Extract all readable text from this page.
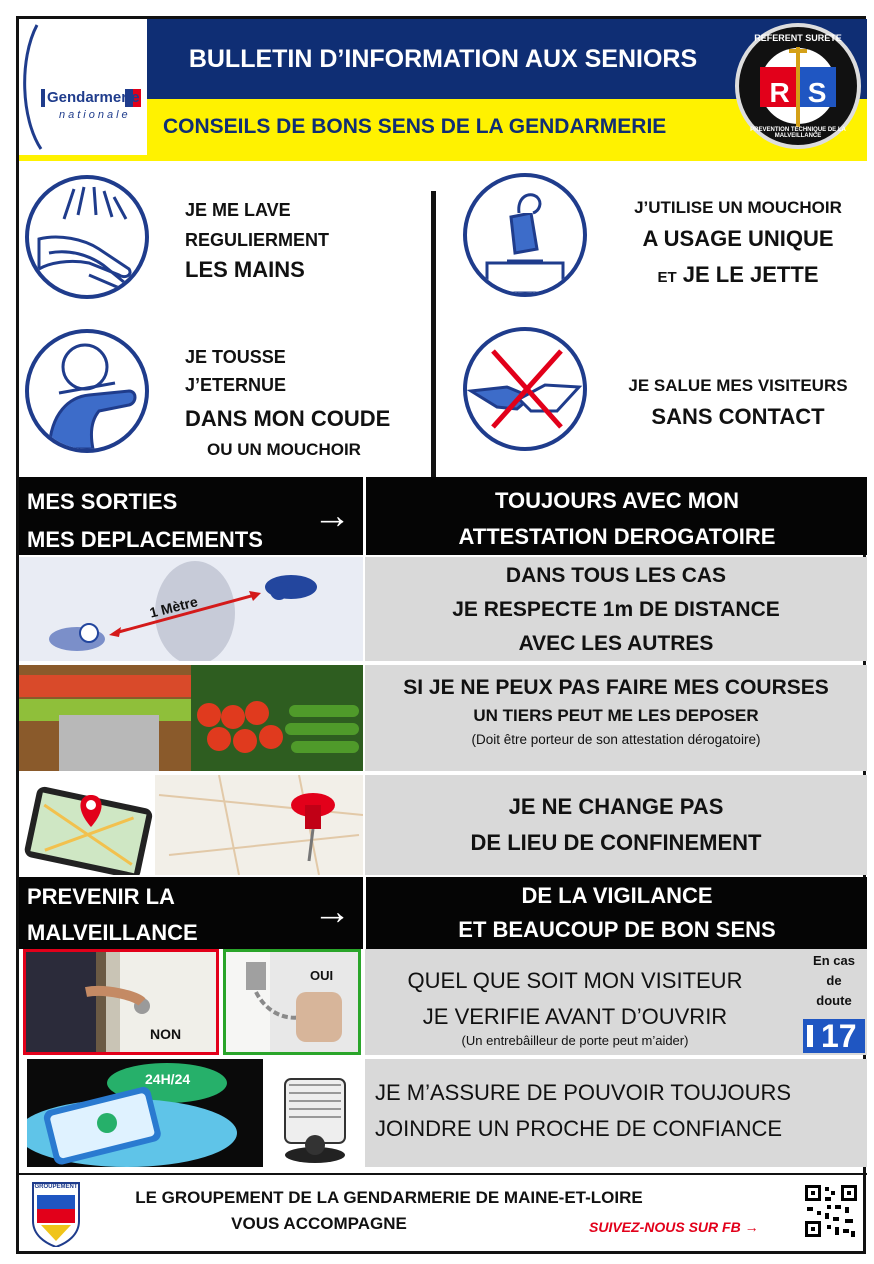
Gendarmerie
nationale
BULLETIN D’INFORMATION AUX SENIORS
CONSEILS DE BONS SENS DE LA GENDARMERIE
REFERENT SURETE
RS
PREVENTION TECHNIQUE DE LA MALVEILLANCE
JE ME LAVE
REGULIERMENT
LES MAINS
J’UTILISE UN MOUCHOIR
A USAGE UNIQUE
ET JE LE JETTE
JE TOUSSE
J’ETERNUE
DANS MON COUDE
OU UN MOUCHOIR
JE SALUE MES VISITEURS
SANS CONTACT
MES SORTIES
MES DEPLACEMENTS
→	TOUJOURS AVEC MON
ATTESTATION DEROGATOIRE
1 Mètre
DANS TOUS LES CAS
JE RESPECTE 1m DE DISTANCE
AVEC LES AUTRES
SI JE NE PEUX PAS FAIRE MES COURSES
UN TIERS PEUT ME LES DEPOSER
(Doit être porteur de son attestation dérogatoire)
JE NE CHANGE PAS
DE LIEU DE CONFINEMENT
PREVENIR LA
MALVEILLANCE	→	DE LA VIGILANCE
ET BEAUCOUP DE BON SENS
NON
OUI	QUEL QUE SOIT MON VISITEUR
JE VERIFIE AVANT D’OUVRIR
(Un entrebâilleur de porte peut m’aider)
En cas
de
doute
17
24H/24
JE M’ASSURE DE POUVOIR TOUJOURS
JOINDRE UN PROCHE DE CONFIANCE
GROUPEMENT
LE GROUPEMENT DE LA GENDARMERIE DE MAINE-ET-LOIRE
VOUS ACCOMPAGNE	SUIVEZ-NOUS SUR FB →
